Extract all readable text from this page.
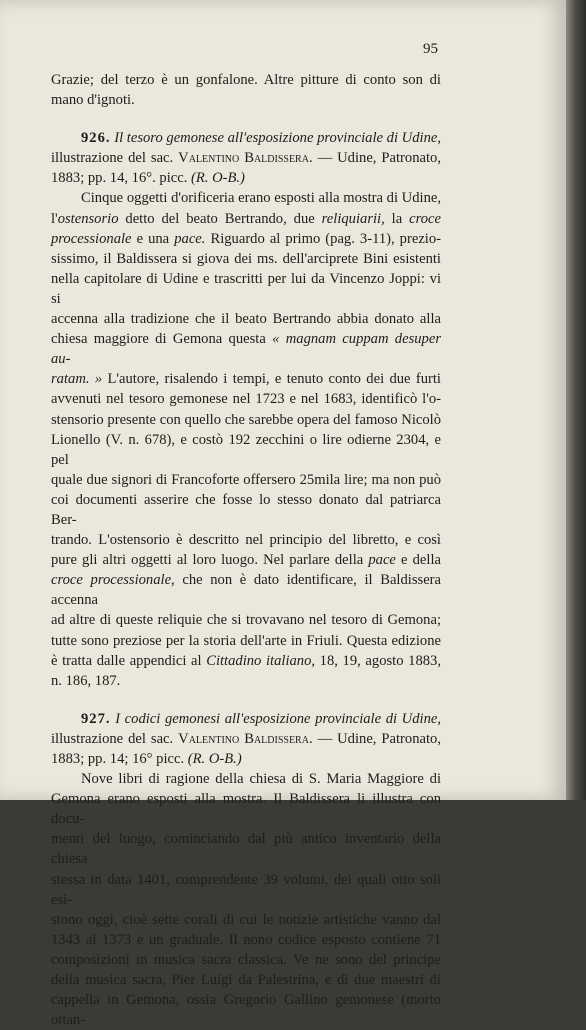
95
Grazie; del terzo è un gonfalone. Altre pitture di conto son di
mano d'ignoti.
926. Il tesoro gemonese all'esposizione provinciale di Udine,
illustrazione del sac. Valentino Baldissera. — Udine, Patronato,
1883; pp. 14, 16°. picc. (R. O-B.)
Cinque oggetti d'orificeria erano esposti alla mostra di Udine,
l'ostensorio detto del beato Bertrando, due reliquiarii, la croce
processionale e una pace. Riguardo al primo (pag. 3-11), prezio-
sissimo, il Baldissera si giova dei ms. dell'arciprete Bini esistenti
nella capitolare di Udine e trascritti per lui da Vincenzo Joppi: vi si
accenna alla tradizione che il beato Bertrando abbia donato alla
chiesa maggiore di Gemona questa « magnam cuppam desuper au-
ratam. » L'autore, risalendo i tempi, e tenuto conto dei due furti
avvenuti nel tesoro gemonese nel 1723 e nel 1683, identificò l'o-
stensorio presente con quello che sarebbe opera del famoso Nicolò
Lionello (V. n. 678), e costò 192 zecchini o lire odierne 2304, e pel
quale due signori di Francoforte offersero 25mila lire; ma non può
coi documenti asserire che fosse lo stesso donato dal patriarca Ber-
trando. L'ostensorio è descritto nel principio del libretto, e così
pure gli altri oggetti al loro luogo. Nel parlare della pace e della
croce processionale, che non è dato identificare, il Baldissera accenna
ad altre di queste reliquie che si trovavano nel tesoro di Gemona;
tutte sono preziose per la storia dell'arte in Friuli. Questa edizione
è tratta dalle appendici al Cittadino italiano, 18, 19, agosto 1883,
n. 186, 187.
927. I codici gemonesi all'esposizione provinciale di Udine,
illustrazione del sac. Valentino Baldissera. — Udine, Patronato,
1883; pp. 14; 16° picc. (R. O-B.)
Nove libri di ragione della chiesa di S. Maria Maggiore di
Gemona erano esposti alla mostra. Il Baldissera li illustra con docu-
menti del luogo, cominciando dal più antico inventario della chiesa
stessa in data 1401, comprendente 39 volumi, dei quali otto soli esi-
stono oggi, cioè sette corali di cui le notizie artistiche vanno dal
1343 al 1373 e un graduale. Il nono codice esposto contiene 71
composizioni in musica sacra classica. Ve ne sono del principe
della musica sacra, Pier Luigi da Palestrina, e di due maestri di
cappella in Gemona, ossia Gregorio Gallino gemonese (morto ottan-
